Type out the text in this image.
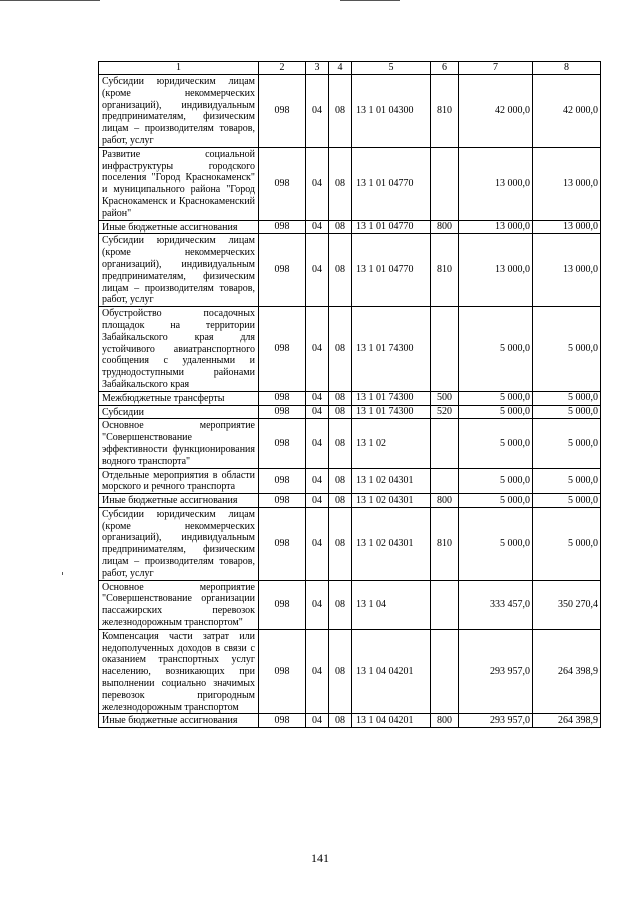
1	2	3	4	5	6	7	8
Субсидии юридическим лицам (кроме некоммерческих организаций), индивидуальным предпринимателям, физическим лицам – производителям товаров, работ, услуг	098	04	08	13 1 01 04300	810	42 000,0	42 000,0
Развитие социальной инфраструктуры городского поселения "Город Краснокаменск" и муниципального района "Город Краснокаменск и Краснокаменский район"	098	04	08	13 1 01 04770		13 000,0	13 000,0
Иные бюджетные ассигнования	098	04	08	13 1 01 04770	800	13 000,0	13 000,0
Субсидии юридическим лицам (кроме некоммерческих организаций), индивидуальным предпринимателям, физическим лицам – производителям товаров, работ, услуг	098	04	08	13 1 01 04770	810	13 000,0	13 000,0
Обустройство посадочных площадок на территории Забайкальского края для устойчивого авиатранспортного сообщения с удаленными и труднодоступными районами Забайкальского края	098	04	08	13 1 01 74300		5 000,0	5 000,0
Межбюджетные трансферты	098	04	08	13 1 01 74300	500	5 000,0	5 000,0
Субсидии	098	04	08	13 1 01 74300	520	5 000,0	5 000,0
Основное мероприятие "Совершенствование эффективности функционирования водного транспорта"	098	04	08	13 1 02		5 000,0	5 000,0
Отдельные мероприятия в области морского и речного транспорта	098	04	08	13 1 02 04301		5 000,0	5 000,0
Иные бюджетные ассигнования	098	04	08	13 1 02 04301	800	5 000,0	5 000,0
Субсидии юридическим лицам (кроме некоммерческих организаций), индивидуальным предпринимателям, физическим лицам – производителям товаров, работ, услуг	098	04	08	13 1 02 04301	810	5 000,0	5 000,0
Основное мероприятие "Совершенствование организации пассажирских перевозок железнодорожным транспортом"	098	04	08	13 1 04		333 457,0	350 270,4
Компенсация части затрат или недополученных доходов в связи с оказанием транспортных услуг населению, возникающих при выполнении социально значимых перевозок пригородным железнодорожным транспортом	098	04	08	13 1 04 04201		293 957,0	264 398,9
Иные бюджетные ассигнования	098	04	08	13 1 04 04201	800	293 957,0	264 398,9
141
